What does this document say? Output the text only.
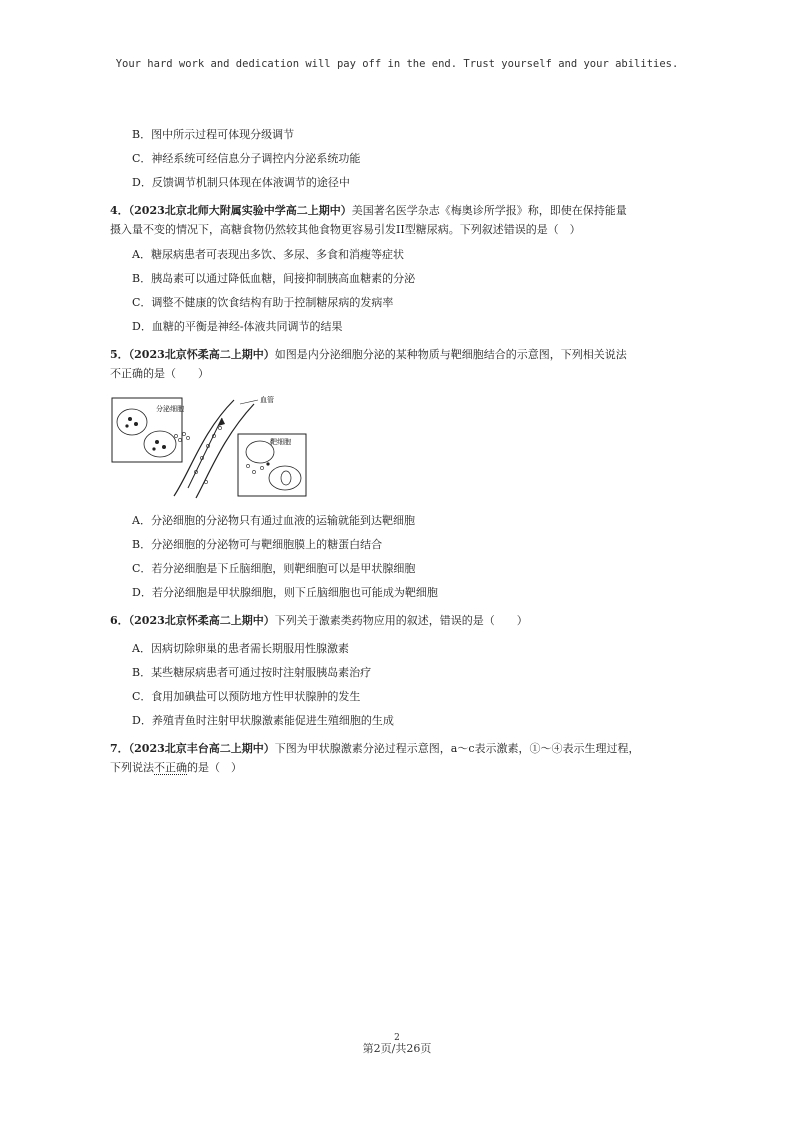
Your hard work and dedication will pay off in the end. Trust yourself and your abilities.
B．图中所示过程可体现分级调节
C．神经系统可经信息分子调控内分泌系统功能
D．反馈调节机制只体现在体液调节的途径中
4．（2023北京北师大附属实验中学高二上期中）美国著名医学杂志《梅奥诊所学报》称，即使在保持能量
摄入量不变的情况下，高糖食物仍然较其他食物更容易引发II型糖尿病。下列叙述错误的是（　）
A．糖尿病患者可表现出多饮、多尿、多食和消瘦等症状
B．胰岛素可以通过降低血糖，间接抑制胰高血糖素的分泌
C．调整不健康的饮食结构有助于控制糖尿病的发病率
D．血糖的平衡是神经-体液共同调节的结果
5．（2023北京怀柔高二上期中）如图是内分泌细胞分泌的某种物质与靶细胞结合的示意图，下列相关说法
不正确的是（　　）
分泌细胞
血管
靶细胞
A．分泌细胞的分泌物只有通过血液的运输就能到达靶细胞
B．分泌细胞的分泌物可与靶细胞膜上的糖蛋白结合
C．若分泌细胞是下丘脑细胞，则靶细胞可以是甲状腺细胞
D．若分泌细胞是甲状腺细胞，则下丘脑细胞也可能成为靶细胞
6．（2023北京怀柔高二上期中）下列关于激素类药物应用的叙述，错误的是（　　）
A．因病切除卵巢的患者需长期服用性腺激素
B．某些糖尿病患者可通过按时注射服胰岛素治疗
C．食用加碘盐可以预防地方性甲状腺肿的发生
D．养殖青鱼时注射甲状腺激素能促进生殖细胞的生成
7．（2023北京丰台高二上期中）下图为甲状腺激素分泌过程示意图，a～c表示激素，①～④表示生理过程，
下列说法不正确的是（　）
2
第2页/共26页
